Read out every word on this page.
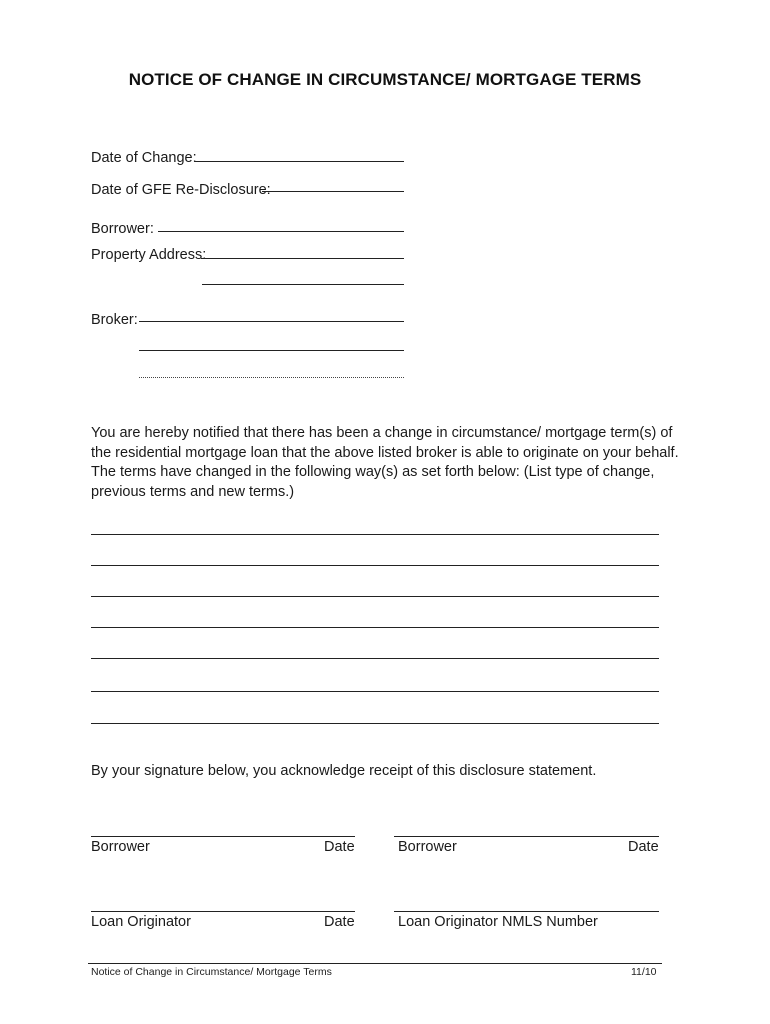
NOTICE OF CHANGE IN CIRCUMSTANCE/ MORTGAGE TERMS
Date of Change:
Date of GFE Re-Disclosure:
Borrower:
Property Address:
Broker:
You are hereby notified that there has been a change in circumstance/ mortgage term(s) of the residential mortgage loan that the above listed broker is able to originate on your behalf. The terms have changed in the following way(s) as set forth below: (List type of change, previous terms and new terms.)
By your signature below, you acknowledge receipt of this disclosure statement.
Borrower	Date	Borrower	Date
Loan Originator	Date	Loan Originator NMLS Number
Notice of Change in Circumstance/ Mortgage Terms	11/10
